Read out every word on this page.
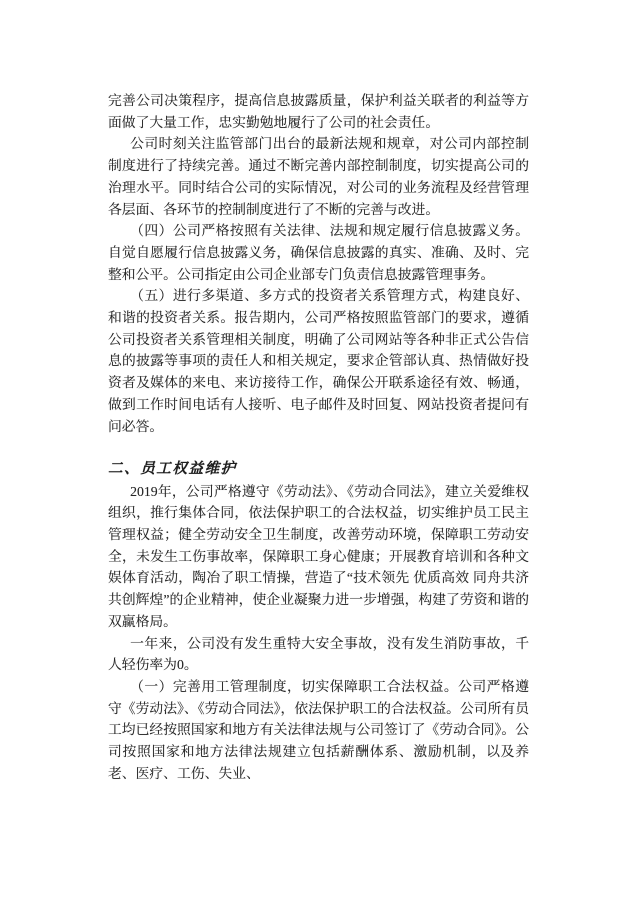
完善公司决策程序，提高信息披露质量，保护利益关联者的利益等方面做了大量工作，忠实勤勉地履行了公司的社会责任。

公司时刻关注监管部门出台的最新法规和规章，对公司内部控制制度进行了持续完善。通过不断完善内部控制制度，切实提高公司的治理水平。同时结合公司的实际情况，对公司的业务流程及经营管理各层面、各环节的控制制度进行了不断的完善与改进。

（四）公司严格按照有关法律、法规和规定履行信息披露义务。自觉自愿履行信息披露义务，确保信息披露的真实、准确、及时、完整和公平。公司指定由公司企业部专门负责信息披露管理事务。

（五）进行多渠道、多方式的投资者关系管理方式，构建良好、和谐的投资者关系。报告期内，公司严格按照监管部门的要求，遵循公司投资者关系管理相关制度，明确了公司网站等各种非正式公告信息的披露等事项的责任人和相关规定，要求企管部认真、热情做好投资者及媒体的来电、来访接待工作，确保公开联系途径有效、畅通，做到工作时间电话有人接听、电子邮件及时回复、网站投资者提问有问必答。

二、员工权益维护

2019年，公司严格遵守《劳动法》、《劳动合同法》，建立关爱维权组织，推行集体合同，依法保护职工的合法权益，切实维护员工民主管理权益；健全劳动安全卫生制度，改善劳动环境，保障职工劳动安全，未发生工伤事故率，保障职工身心健康；开展教育培训和各种文娱体育活动，陶冶了职工情操，营造了“技术领先 优质高效 同舟共济 共创辉煌”的企业精神，使企业凝聚力进一步增强，构建了劳资和谐的双赢格局。

一年来，公司没有发生重特大安全事故，没有发生消防事故，千人轻伤率为0。

（一）完善用工管理制度，切实保障职工合法权益。公司严格遵守《劳动法》、《劳动合同法》，依法保护职工的合法权益。公司所有员工均已经按照国家和地方有关法律法规与公司签订了《劳动合同》。公司按照国家和地方法律法规建立包括薪酬体系、激励机制，以及养老、医疗、工伤、失业、
